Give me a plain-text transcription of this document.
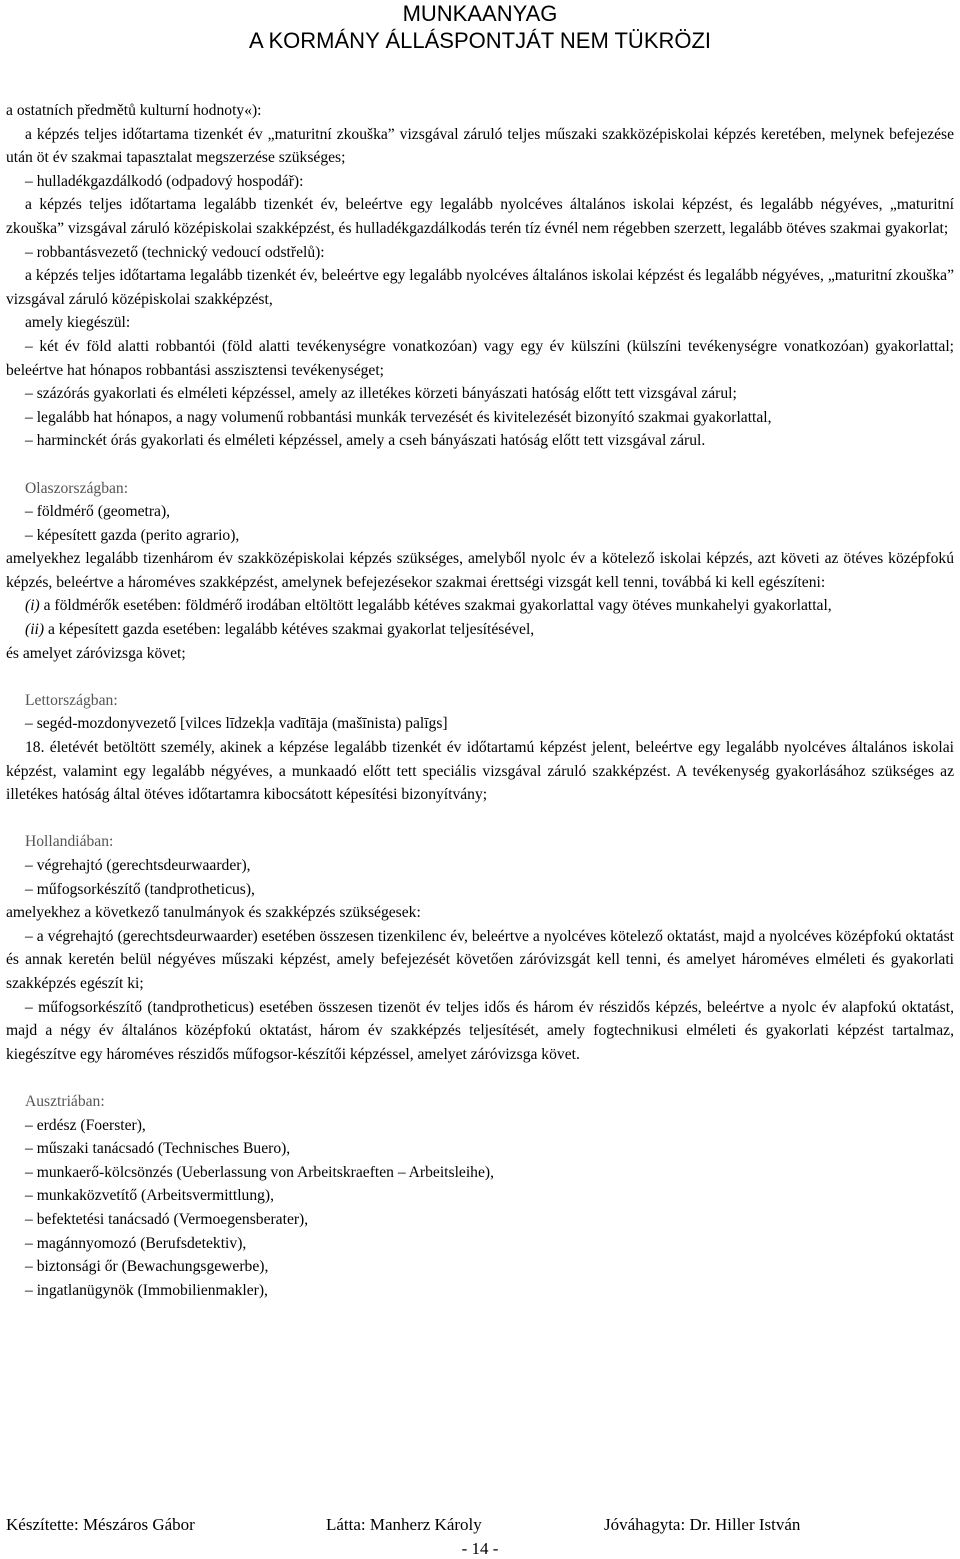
MUNKAANYAG
A KORMÁNY ÁLLÁSPONTJÁT NEM TÜKRÖZI

a ostatních předmětů kulturní hodnoty«):

a képzés teljes időtartama tizenkét év „maturitní zkouška” vizsgával záruló teljes műszaki szakközépiskolai képzés keretében, melynek befejezése után öt év szakmai tapasztalat megszerzése szükséges;

– hulladékgazdálkodó (odpadový hospodář):

a képzés teljes időtartama legalább tizenkét év, beleértve egy legalább nyolcéves általános iskolai képzést, és legalább négyéves, „maturitní zkouška” vizsgával záruló középiskolai szakképzést, és hulladékgazdálkodás terén tíz évnél nem régebben szerzett, legalább ötéves szakmai gyakorlat;

– robbantásvezető (technický vedoucí odstřelů):

a képzés teljes időtartama legalább tizenkét év, beleértve egy legalább nyolcéves általános iskolai képzést és legalább négyéves, „maturitní zkouška” vizsgával záruló középiskolai szakképzést,

amely kiegészül:

– két év föld alatti robbantói (föld alatti tevékenységre vonatkozóan) vagy egy év külszíni (külszíni tevékenységre vonatkozóan) gyakorlattal; beleértve hat hónapos robbantási asszisztensi tevékenységet;

– százórás gyakorlati és elméleti képzéssel, amely az illetékes körzeti bányászati hatóság előtt tett vizsgával zárul;

– legalább hat hónapos, a nagy volumenű robbantási munkák tervezését és kivitelezését bizonyító szakmai gyakorlattal,

– harminckét órás gyakorlati és elméleti képzéssel, amely a cseh bányászati hatóság előtt tett vizsgával zárul.

Olaszországban:

– földmérő (geometra),

– képesített gazda (perito agrario),

amelyekhez legalább tizenhárom év szakközépiskolai képzés szükséges, amelyből nyolc év a kötelező iskolai képzés, azt követi az ötéves középfokú képzés, beleértve a hároméves szakképzést, amelynek befejezésekor szakmai érettségi vizsgát kell tenni, továbbá ki kell egészíteni:

(i) a földmérők esetében: földmérő irodában eltöltött legalább kétéves szakmai gyakorlattal vagy ötéves munkahelyi gyakorlattal,

(ii) a képesített gazda esetében: legalább kétéves szakmai gyakorlat teljesítésével,

és amelyet záróvizsga követ;

Lettországban:

– segéd-mozdonyvezető [vilces līdzekļa vadītāja (mašīnista) palīgs]

18. életévét betöltött személy, akinek a képzése legalább tizenkét év időtartamú képzést jelent, beleértve egy legalább nyolcéves általános iskolai képzést, valamint egy legalább négyéves, a munkaadó előtt tett speciális vizsgával záruló szakképzést. A tevékenység gyakorlásához szükséges az illetékes hatóság által ötéves időtartamra kibocsátott képesítési bizonyítvány;

Hollandiában:

– végrehajtó (gerechtsdeurwaarder),

– műfogsorkészítő (tandprotheticus),

amelyekhez a következő tanulmányok és szakképzés szükségesek:

– a végrehajtó (gerechtsdeurwaarder) esetében összesen tizenkilenc év, beleértve a nyolcéves kötelező oktatást, majd a nyolcéves középfokú oktatást és annak keretén belül négyéves műszaki képzést, amely befejezését követően záróvizsgát kell tenni, és amelyet hároméves elméleti és gyakorlati szakképzés egészít ki;

– műfogsorkészítő (tandprotheticus) esetében összesen tizenöt év teljes idős és három év részidős képzés, beleértve a nyolc év alapfokú oktatást, majd a négy év általános középfokú oktatást, három év szakképzés teljesítését, amely fogtechnikusi elméleti és gyakorlati képzést tartalmaz, kiegészítve egy hároméves részidős műfogsor-készítői képzéssel, amelyet záróvizsga követ.

Ausztriában:

– erdész (Foerster),

– műszaki tanácsadó (Technisches Buero),

– munkaerő-kölcsönzés (Ueberlassung von Arbeitskraeften – Arbeitsleihe),

– munkaközvetítő (Arbeitsvermittlung),

– befektetési tanácsadó (Vermoegensberater),

– magánnyomozó (Berufsdetektiv),

– biztonsági őr (Bewachungsgewerbe),

– ingatlanügynök (Immobilienmakler),

Készítette: Mészáros Gábor	Látta: Manherz Károly	Jóváhagyta: Dr. Hiller István
- 14 -
